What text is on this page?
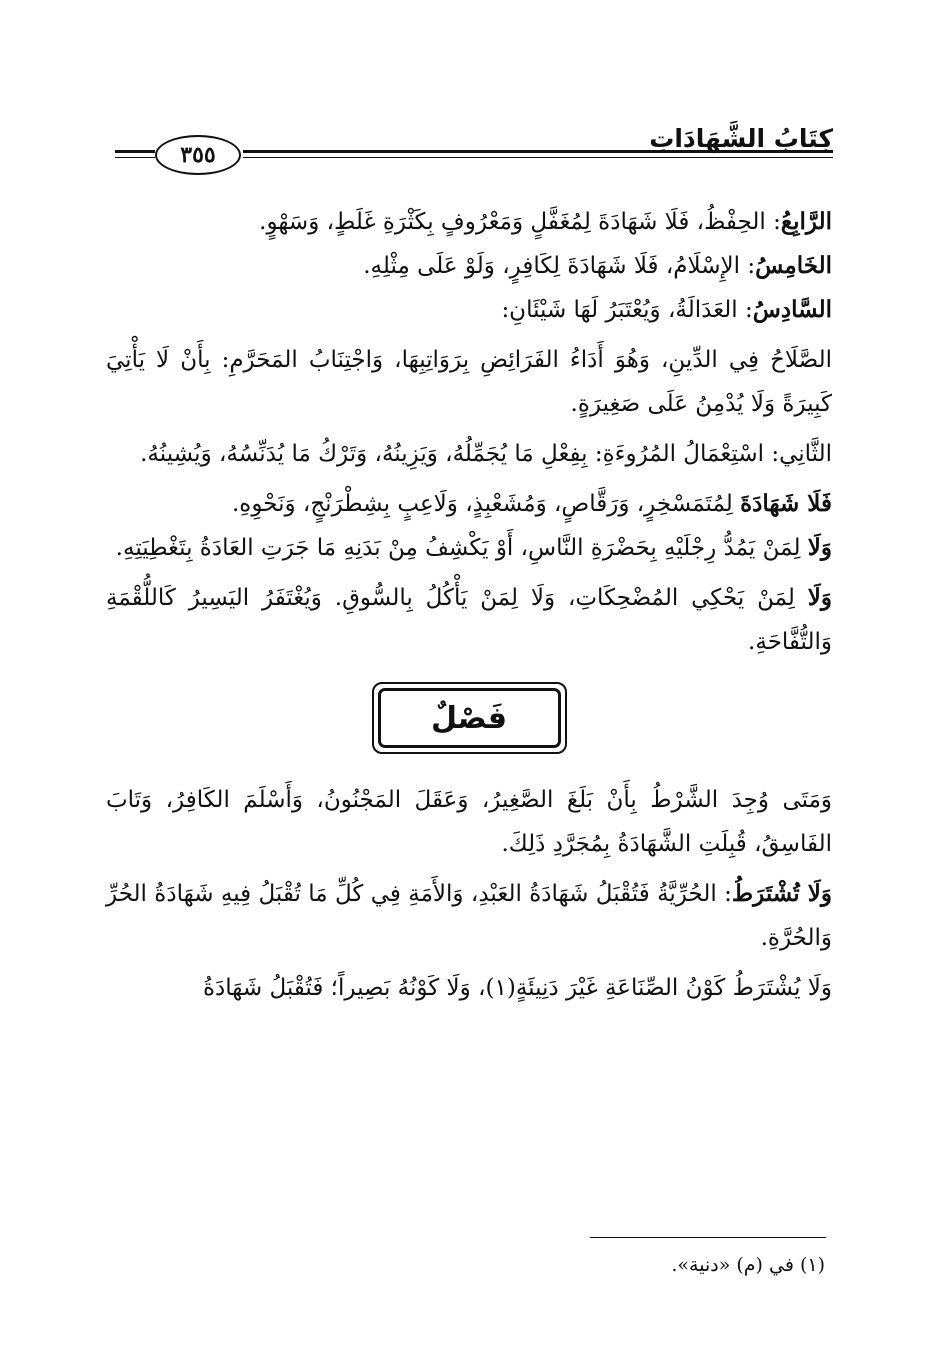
كِتَابُ الشَّهَادَاتِ
٣٥٥

الرَّابِعُ: الحِفْظُ، فَلَا شَهَادَةَ لِمُغَفَّلٍ وَمَعْرُوفٍ بِكَثْرَةِ غَلَطٍ، وَسَهْوٍ.

الخَامِسُ: الإِسْلَامُ، فَلَا شَهَادَةَ لِكَافِرٍ، وَلَوْ عَلَى مِثْلِهِ.

السَّادِسُ: العَدَالَةُ، وَيُعْتَبَرُ لَهَا شَيْئَانِ:

الصَّلَاحُ فِي الدِّينِ، وَهُوَ أَدَاءُ الفَرَائِضِ بِرَوَاتِبِهَا، وَاجْتِنَابُ المَحَرَّمِ: بِأَنْ لَا يَأْتِيَ كَبِيرَةً وَلَا يُدْمِنُ عَلَى صَغِيرَةٍ.

الثَّانِي: اسْتِعْمَالُ المُرُوءَةِ: بِفِعْلِ مَا يُجَمِّلُهُ، وَيَزِينُهُ، وَتَرْكُ مَا يُدَنِّسُهُ، وَيُشِينُهُ.

فَلَا شَهَادَةَ لِمُتَمَسْخِرٍ، وَرَقَّاصٍ، وَمُشَعْبِذٍ، وَلَاعِبٍ بِشِطْرَنْجٍ، وَنَحْوِهِ.

وَلَا لِمَنْ يَمُدُّ رِجْلَيْهِ بِحَضْرَةِ النَّاسِ، أَوْ يَكْشِفُ مِنْ بَدَنِهِ مَا جَرَتِ العَادَةُ بِتَغْطِيَتِهِ.

وَلَا لِمَنْ يَحْكِي المُضْحِكَاتِ، وَلَا لِمَنْ يَأْكُلُ بِالسُّوقِ. وَيُغْتَفَرُ اليَسِيرُ كَاللُّقْمَةِ وَالتُّفَّاحَةِ.

فَصْلٌ

وَمَتَى وُجِدَ الشَّرْطُ بِأَنْ بَلَغَ الصَّغِيرُ، وَعَقَلَ المَجْنُونُ، وَأَسْلَمَ الكَافِرُ، وَتَابَ الفَاسِقُ، قُبِلَتِ الشَّهَادَةُ بِمُجَرَّدِ ذَلِكَ.

وَلَا تُشْتَرَطُ: الحُرِّيَّةُ فَتُقْبَلُ شَهَادَةُ العَبْدِ، وَالأَمَةِ فِي كُلِّ مَا تُقْبَلُ فِيهِ شَهَادَةُ الحُرِّ وَالحُرَّةِ.

وَلَا يُشْتَرَطُ كَوْنُ الصِّنَاعَةِ غَيْرَ دَنِيئَةٍ(١)، وَلَا كَوْنُهُ بَصِيراً؛ فَتُقْبَلُ شَهَادَةُ

(١) في (م) «دنية».
